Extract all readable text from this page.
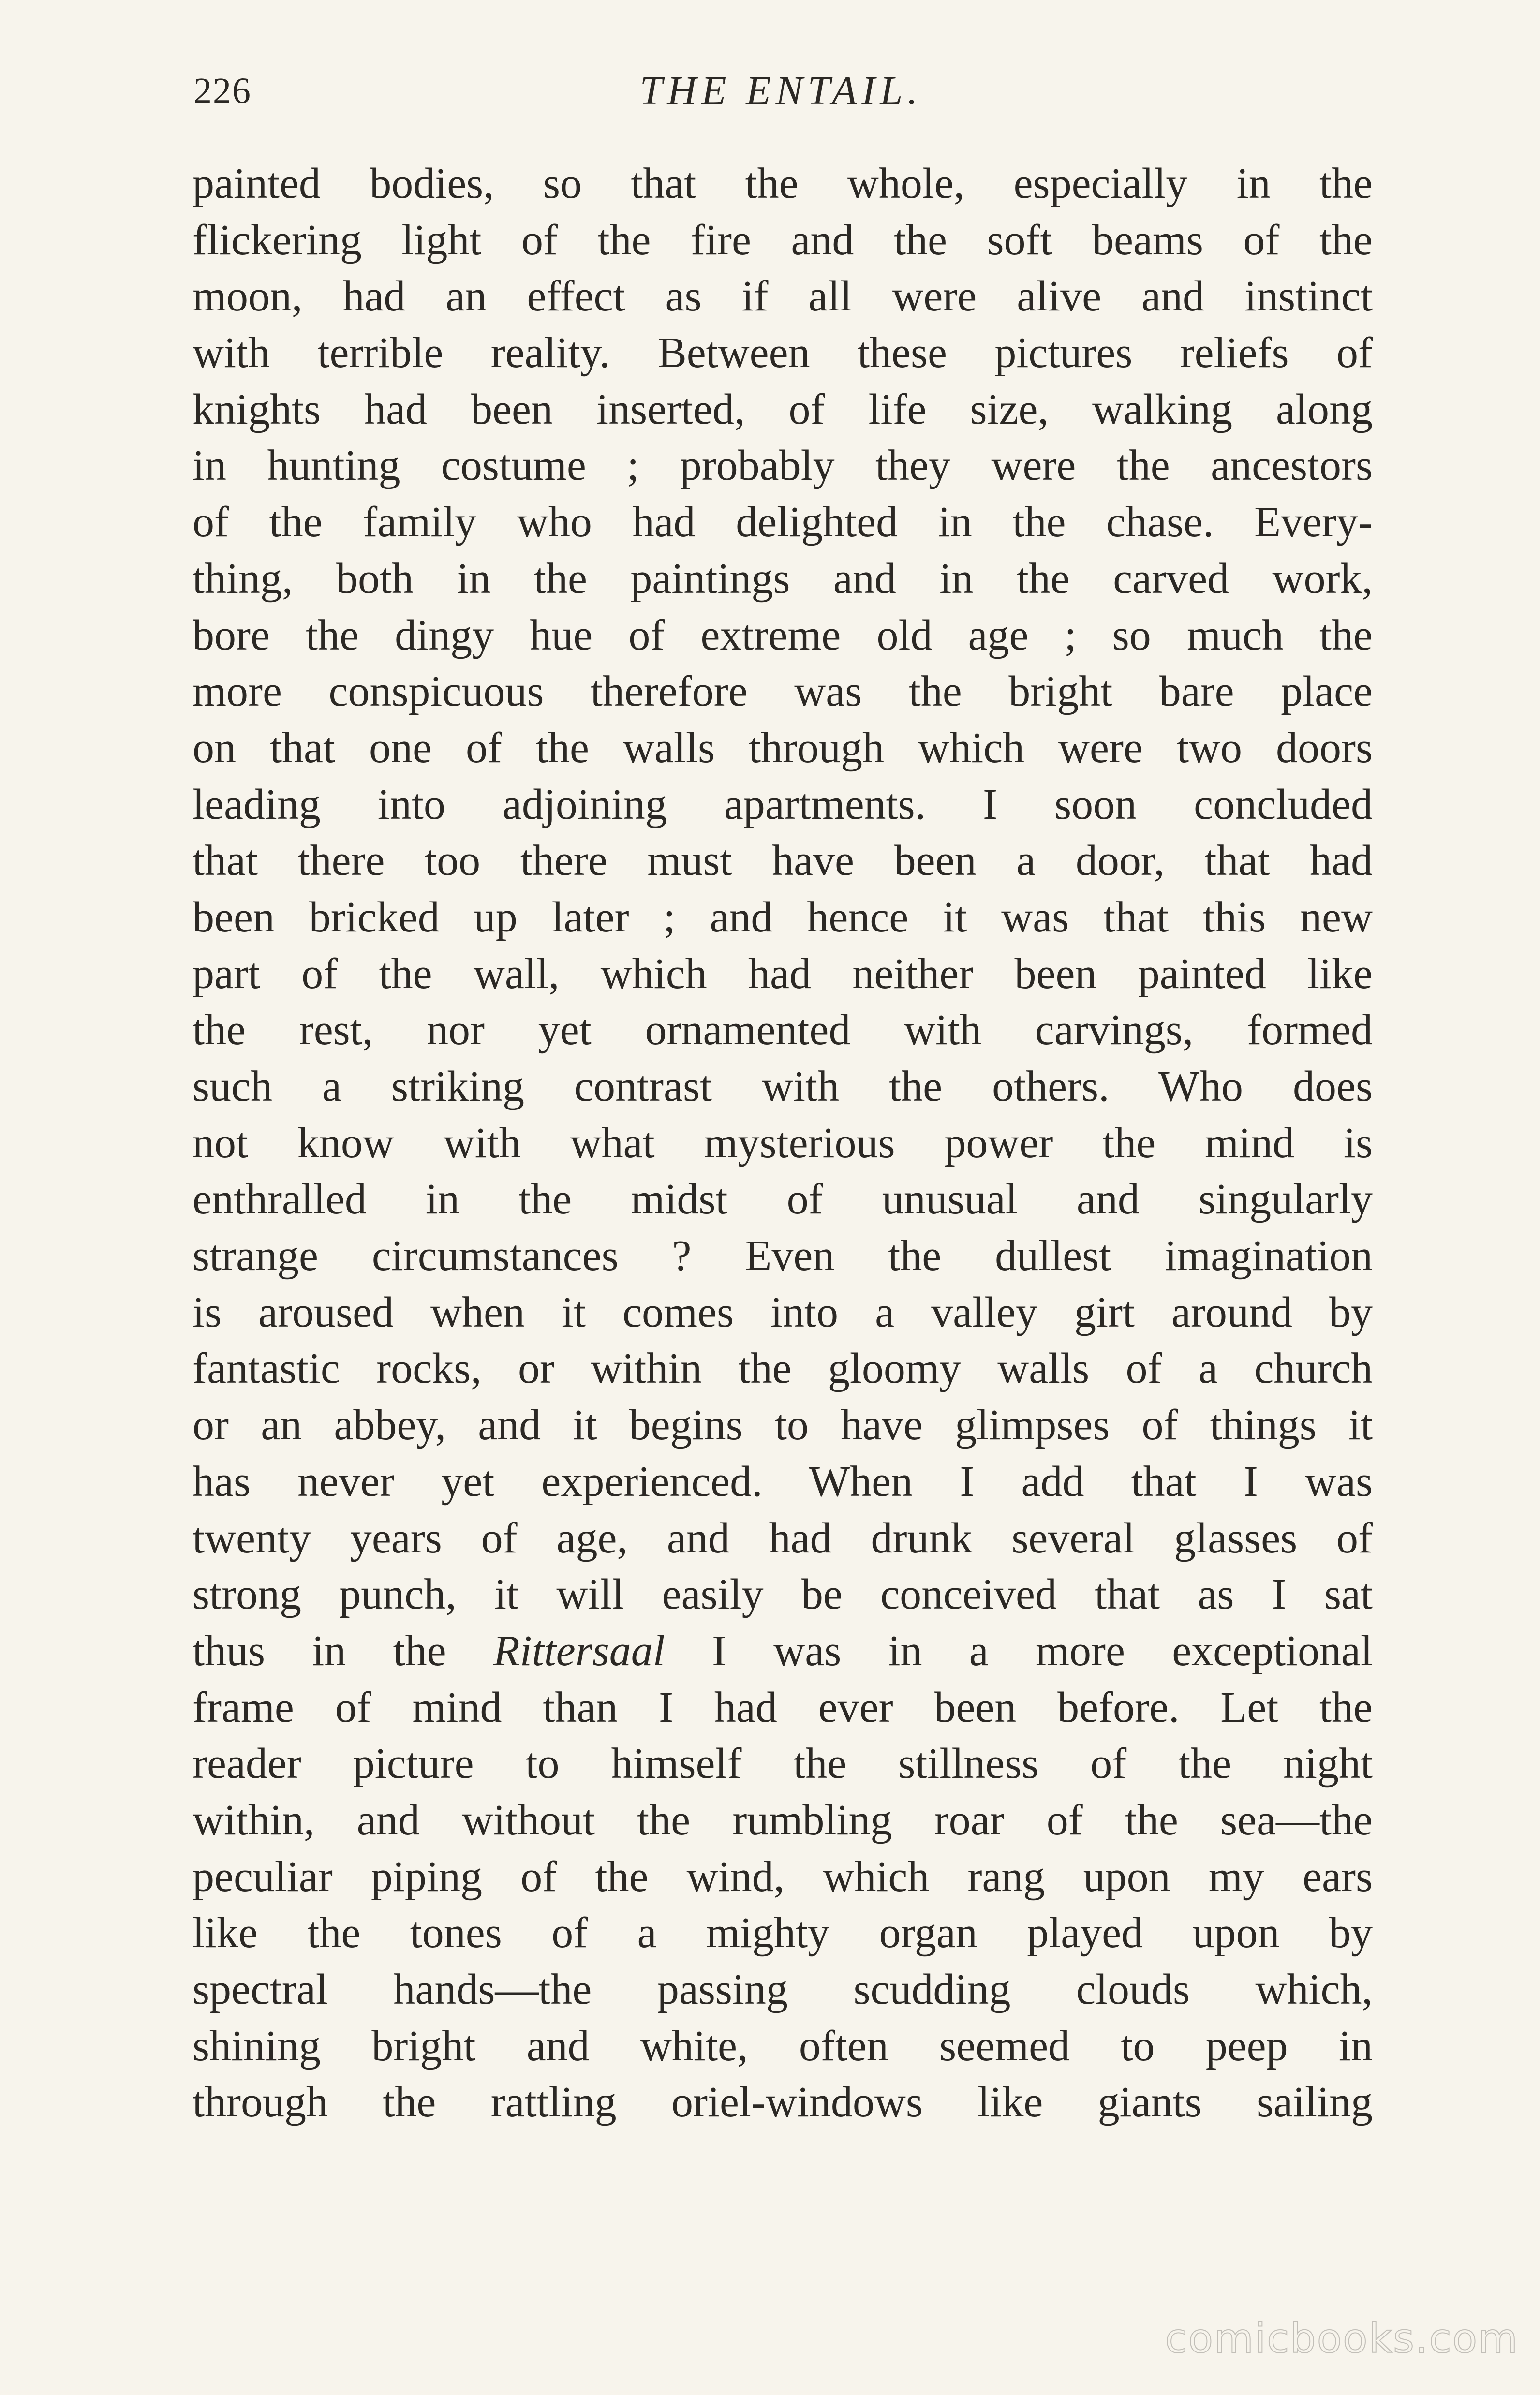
226	THE ENTAIL.
painted bodies, so that the whole, especially in the
flickering light of the fire and the soft beams of the
moon, had an effect as if all were alive and instinct
with terrible reality. Between these pictures reliefs of
knights had been inserted, of life size, walking along
in hunting costume ; probably they were the ancestors
of the family who had delighted in the chase. Every-
thing, both in the paintings and in the carved work,
bore the dingy hue of extreme old age ; so much the
more conspicuous therefore was the bright bare place
on that one of the walls through which were two doors
leading into adjoining apartments. I soon concluded
that there too there must have been a door, that had
been bricked up later ; and hence it was that this new
part of the wall, which had neither been painted like
the rest, nor yet ornamented with carvings, formed
such a striking contrast with the others. Who does
not know with what mysterious power the mind is
enthralled in the midst of unusual and singularly
strange circumstances ? Even the dullest imagination
is aroused when it comes into a valley girt around by
fantastic rocks, or within the gloomy walls of a church
or an abbey, and it begins to have glimpses of things it
has never yet experienced. When I add that I was
twenty years of age, and had drunk several glasses of
strong punch, it will easily be conceived that as I sat
thus in the Rittersaal I was in a more exceptional
frame of mind than I had ever been before. Let the
reader picture to himself the stillness of the night
within, and without the rumbling roar of the sea—the
peculiar piping of the wind, which rang upon my ears
like the tones of a mighty organ played upon by
spectral hands—the passing scudding clouds which,
shining bright and white, often seemed to peep in
through the rattling oriel-windows like giants sailing
comicbooks.com
